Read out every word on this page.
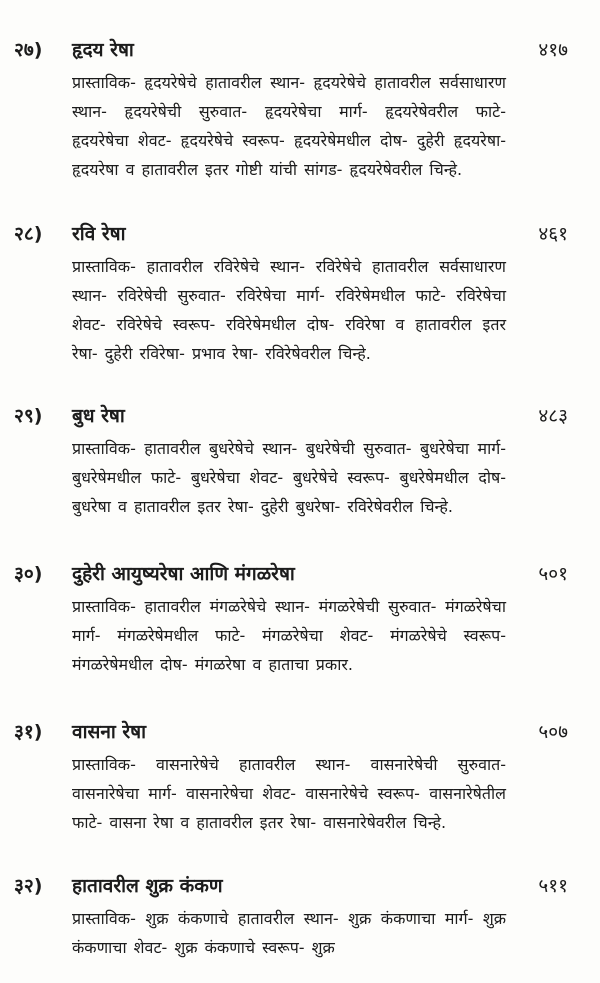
२७) हृदय रेषा	४१७
प्रास्ताविक- हृदयरेषेचे हातावरील स्थान- हृदयरेषेचे हातावरील सर्वसाधारण स्थान- हृदयरेषेची सुरुवात- हृदयरेषेचा मार्ग- हृदयरेषेवरील फाटे- हृदयरेषेचा शेवट- हृदयरेषेचे स्वरूप- हृदयरेषेमधील दोष- दुहेरी हृदयरेषा- हृदयरेषा व हातावरील इतर गोष्टी यांची सांगड- हृदयरेषेवरील चिन्हे.
२८) रवि रेषा	४६१
प्रास्ताविक- हातावरील रविरेषेचे स्थान- रविरेषेचे हातावरील सर्वसाधारण स्थान- रविरेषेची सुरुवात- रविरेषेचा मार्ग- रविरेषेमधील फाटे- रविरेषेचा शेवट- रविरेषेचे स्वरूप- रविरेषेमधील दोष- रविरेषा व हातावरील इतर रेषा- दुहेरी रविरेषा- प्रभाव रेषा- रविरेषेवरील चिन्हे.
२९) बुध रेषा	४८३
प्रास्ताविक- हातावरील बुधरेषेचे स्थान- बुधरेषेची सुरुवात- बुधरेषेचा मार्ग- बुधरेषेमधील फाटे- बुधरेषेचा शेवट- बुधरेषेचे स्वरूप- बुधरेषेमधील दोष- बुधरेषा व हातावरील इतर रेषा- दुहेरी बुधरेषा- रविरेषेवरील चिन्हे.
३०) दुहेरी आयुष्यरेषा आणि मंगळरेषा	५०१
प्रास्ताविक- हातावरील मंगळरेषेचे स्थान- मंगळरेषेची सुरुवात- मंगळरेषेचा मार्ग- मंगळरेषेमधील फाटे- मंगळरेषेचा शेवट- मंगळरेषेचे स्वरूप- मंगळरेषेमधील दोष- मंगळरेषा व हाताचा प्रकार.
३१) वासना रेषा	५०७
प्रास्ताविक- वासनारेषेचे हातावरील स्थान- वासनारेषेची सुरुवात- वासनारेषेचा मार्ग- वासनारेषेचा शेवट- वासनारेषेचे स्वरूप- वासनारेषेतील फाटे- वासना रेषा व हातावरील इतर रेषा- वासनारेषेवरील चिन्हे.
३२) हातावरील शुक्र कंकण	५११
प्रास्ताविक- शुक्र कंकणाचे हातावरील स्थान- शुक्र कंकणाचा मार्ग- शुक्र कंकणाचा शेवट- शुक्र कंकणाचे स्वरूप- शुक्र
